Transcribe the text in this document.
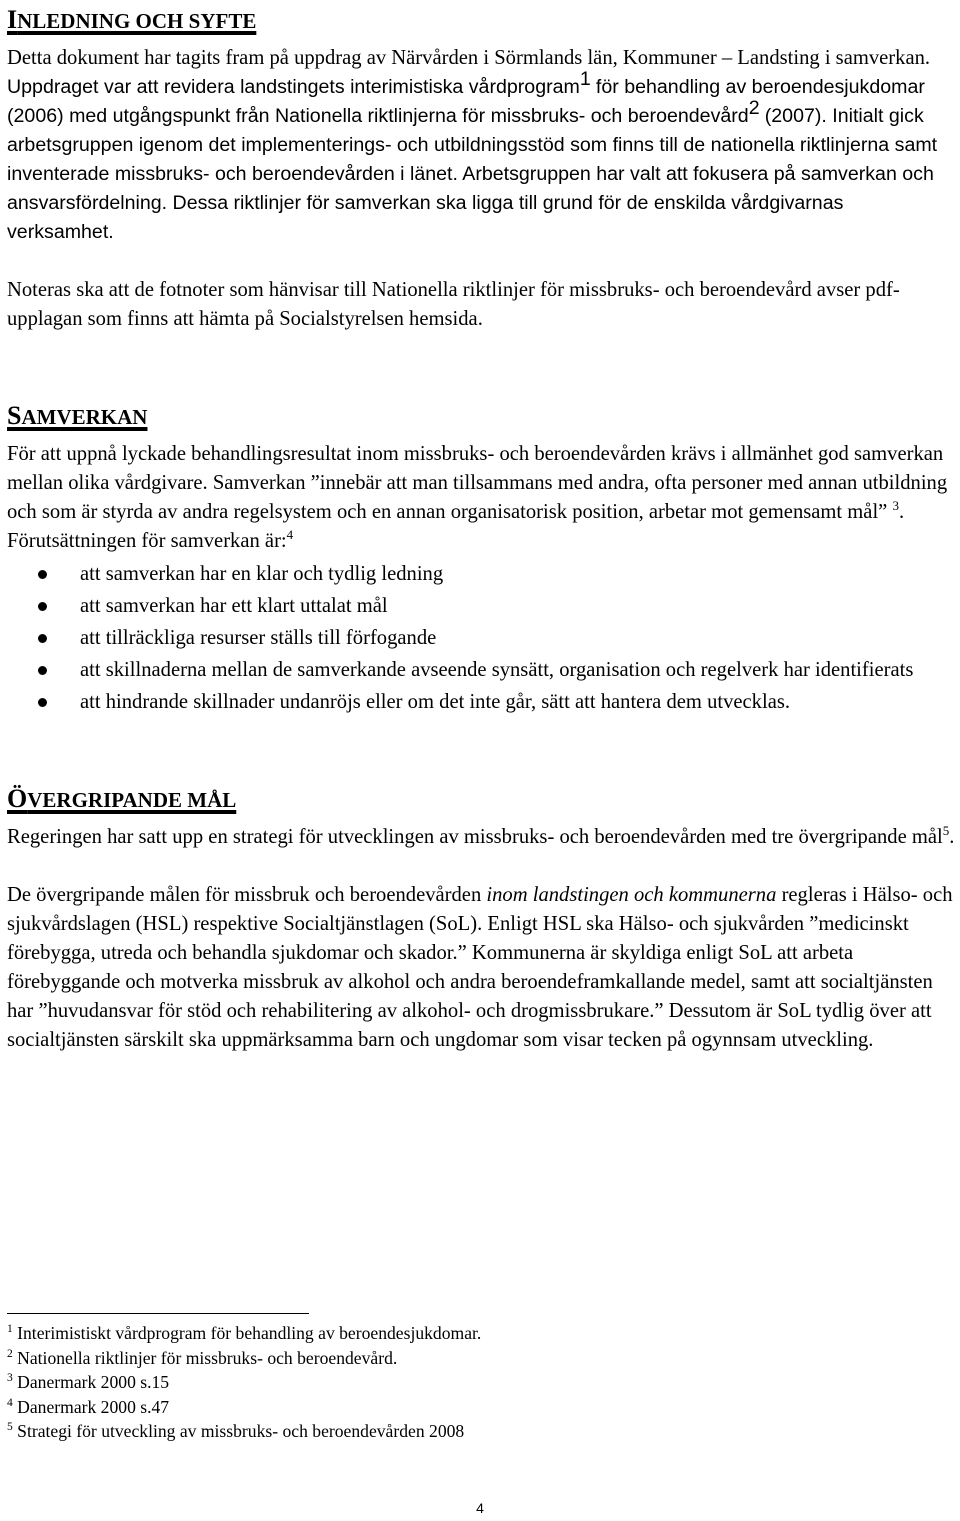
INLEDNING OCH SYFTE

Detta dokument har tagits fram på uppdrag av Närvården i Sörmlands län, Kommuner – Landsting i samverkan. Uppdraget var att revidera landstingets interimistiska vårdprogram$^1$ för behandling av beroendesjukdomar (2006) med utgångspunkt från Nationella riktlinjerna för missbruks- och beroendevård$^2$ (2007). Initialt gick arbetsgruppen igenom det implementerings- och utbildningsstöd som finns till de nationella riktlinjerna samt inventerade missbruks- och beroendevården i länet. Arbetsgruppen har valt att fokusera på samverkan och ansvarsfördelning. Dessa riktlinjer för samverkan ska ligga till grund för de enskilda vårdgivarnas verksamhet.

Noteras ska att de fotnoter som hänvisar till Nationella riktlinjer för missbruks- och beroendevård avser pdf-upplagan som finns att hämta på Socialstyrelsen hemsida.

SAMVERKAN

För att uppnå lyckade behandlingsresultat inom missbruks- och beroendevården krävs i allmänhet god samverkan mellan olika vårdgivare. Samverkan ”innebär att man tillsammans med andra, ofta personer med annan utbildning och som är styrda av andra regelsystem och en annan organisatorisk position, arbetar mot gemensamt mål” $^3$. Förutsättningen för samverkan är:$^4$

att samverkan har en klar och tydlig ledning
att samverkan har ett klart uttalat mål
att tillräckliga resurser ställs till förfogande
att skillnaderna mellan de samverkande avseende synsätt, organisation och regelverk har identifierats
att hindrande skillnader undanröjs eller om det inte går, sätt att hantera dem utvecklas.
ÖVERGRIPANDE MÅL

Regeringen har satt upp en strategi för utvecklingen av missbruks- och beroendevården med tre övergripande mål$^5$.

De övergripande målen för missbruk och beroendevården inom landstingen och kommunerna regleras i Hälso- och sjukvårdslagen (HSL) respektive Socialtjänstlagen (SoL). Enligt HSL ska Hälso- och sjukvården ”medicinskt förebygga, utreda och behandla sjukdomar och skador.” Kommunerna är skyldiga enligt SoL att arbeta förebyggande och motverka missbruk av alkohol och andra beroendeframkallande medel, samt att socialtjänsten har ”huvudansvar för stöd och rehabilitering av alkohol- och drogmissbrukare.” Dessutom är SoL tydlig över att socialtjänsten särskilt ska uppmärksamma barn och ungdomar som visar tecken på ogynnsam utveckling.

$^1$ Interimistiskt vårdprogram för behandling av beroendesjukdomar.
$^2$ Nationella riktlinjer för missbruks- och beroendevård.
$^3$ Danermark 2000 s.15
$^4$ Danermark 2000 s.47
$^5$ Strategi för utveckling av missbruks- och beroendevården 2008
4
